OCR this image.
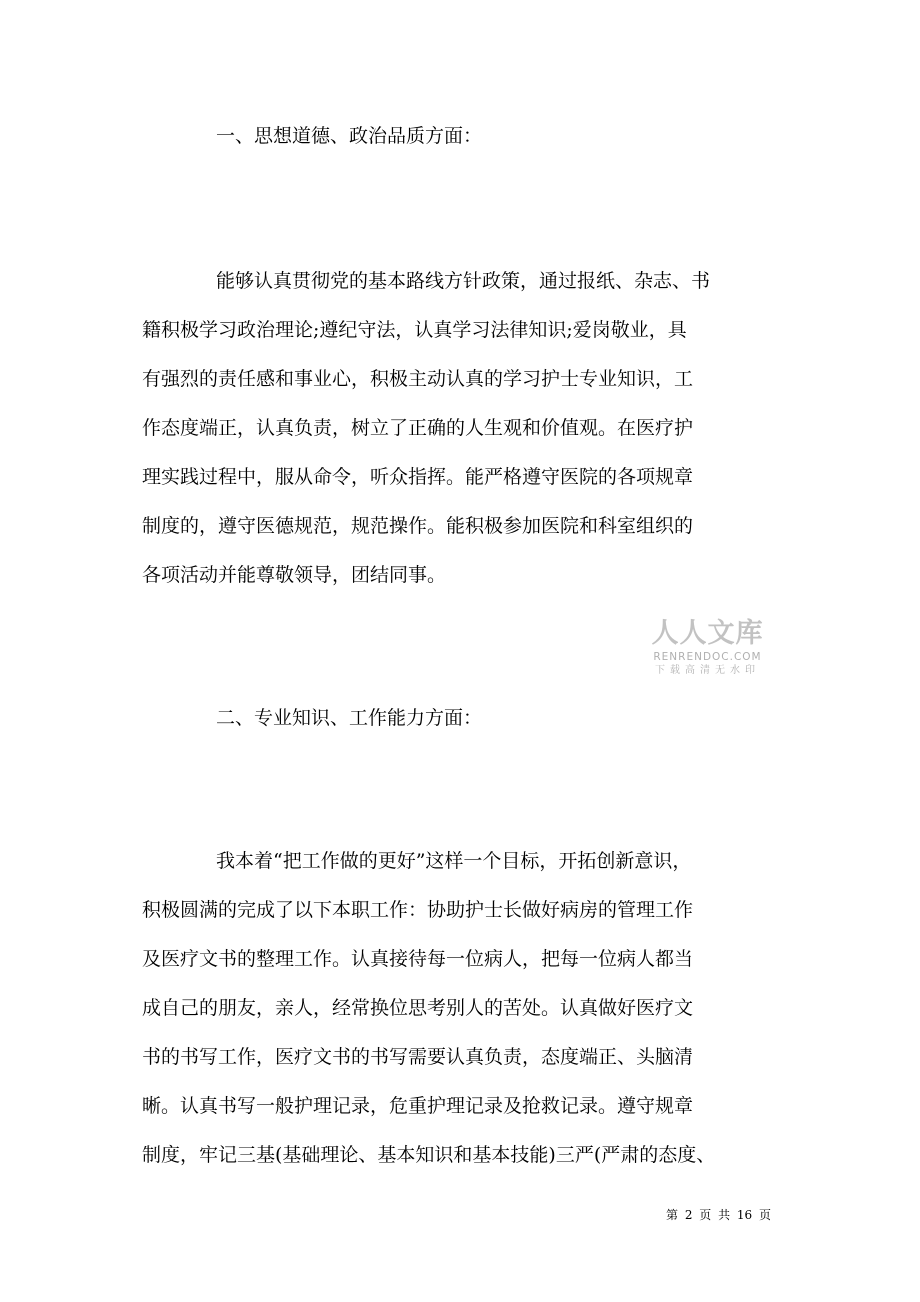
一、思想道德、政治品质方面：
能够认真贯彻党的基本路线方针政策，通过报纸、杂志、书
籍积极学习政治理论;遵纪守法，认真学习法律知识;爱岗敬业，具
有强烈的责任感和事业心，积极主动认真的学习护士专业知识，工
作态度端正，认真负责，树立了正确的人生观和价值观。在医疗护
理实践过程中，服从命令，听众指挥。能严格遵守医院的各项规章
制度的，遵守医德规范，规范操作。能积极参加医院和科室组织的
各项活动并能尊敬领导，团结同事。
人人文库
RENRENDOC.COM
下载高清无水印
二、专业知识、工作能力方面：
我本着“把工作做的更好”这样一个目标，开拓创新意识，
积极圆满的完成了以下本职工作：协助护士长做好病房的管理工作
及医疗文书的整理工作。认真接待每一位病人，把每一位病人都当
成自己的朋友，亲人，经常换位思考别人的苦处。认真做好医疗文
书的书写工作，医疗文书的书写需要认真负责，态度端正、头脑清
晰。认真书写一般护理记录，危重护理记录及抢救记录。遵守规章
制度，牢记三基(基础理论、基本知识和基本技能)三严(严肃的态度、
第 2 页 共 16 页
